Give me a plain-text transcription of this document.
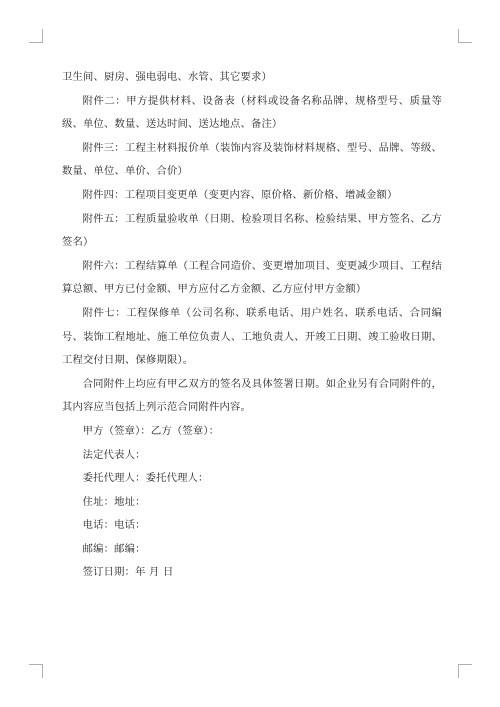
卫生间、厨房、强电弱电、水管、其它要求）

附件二：甲方提供材料、设备表（材料或设备名称品牌、规格型号、质量等级、单位、数量、送达时间、送达地点、备注）

附件三：工程主材料报价单（装饰内容及装饰材料规格、型号、品牌、等级、数量、单位、单价、合价）

附件四：工程项目变更单（变更内容、原价格、新价格、增减金额）

附件五：工程质量验收单（日期、检验项目名称、检验结果、甲方签名、乙方签名）

附件六：工程结算单（工程合同造价、变更增加项目、变更减少项目、工程结算总额、甲方已付金额、甲方应付乙方金额、乙方应付甲方金额）

附件七：工程保修单（公司名称、联系电话、用户姓名、联系电话、合同编号、装饰工程地址、施工单位负责人、工地负责人、开竣工日期、竣工验收日期、工程交付日期、保修期限）。

合同附件上均应有甲乙双方的签名及具体签署日期。如企业另有合同附件的，其内容应当包括上列示范合同附件内容。

甲方（签章）：乙方（签章）：

法定代表人：

委托代理人：委托代理人：

住址：地址：

电话：电话：

邮编：邮编：

签订日期：年 月 日
